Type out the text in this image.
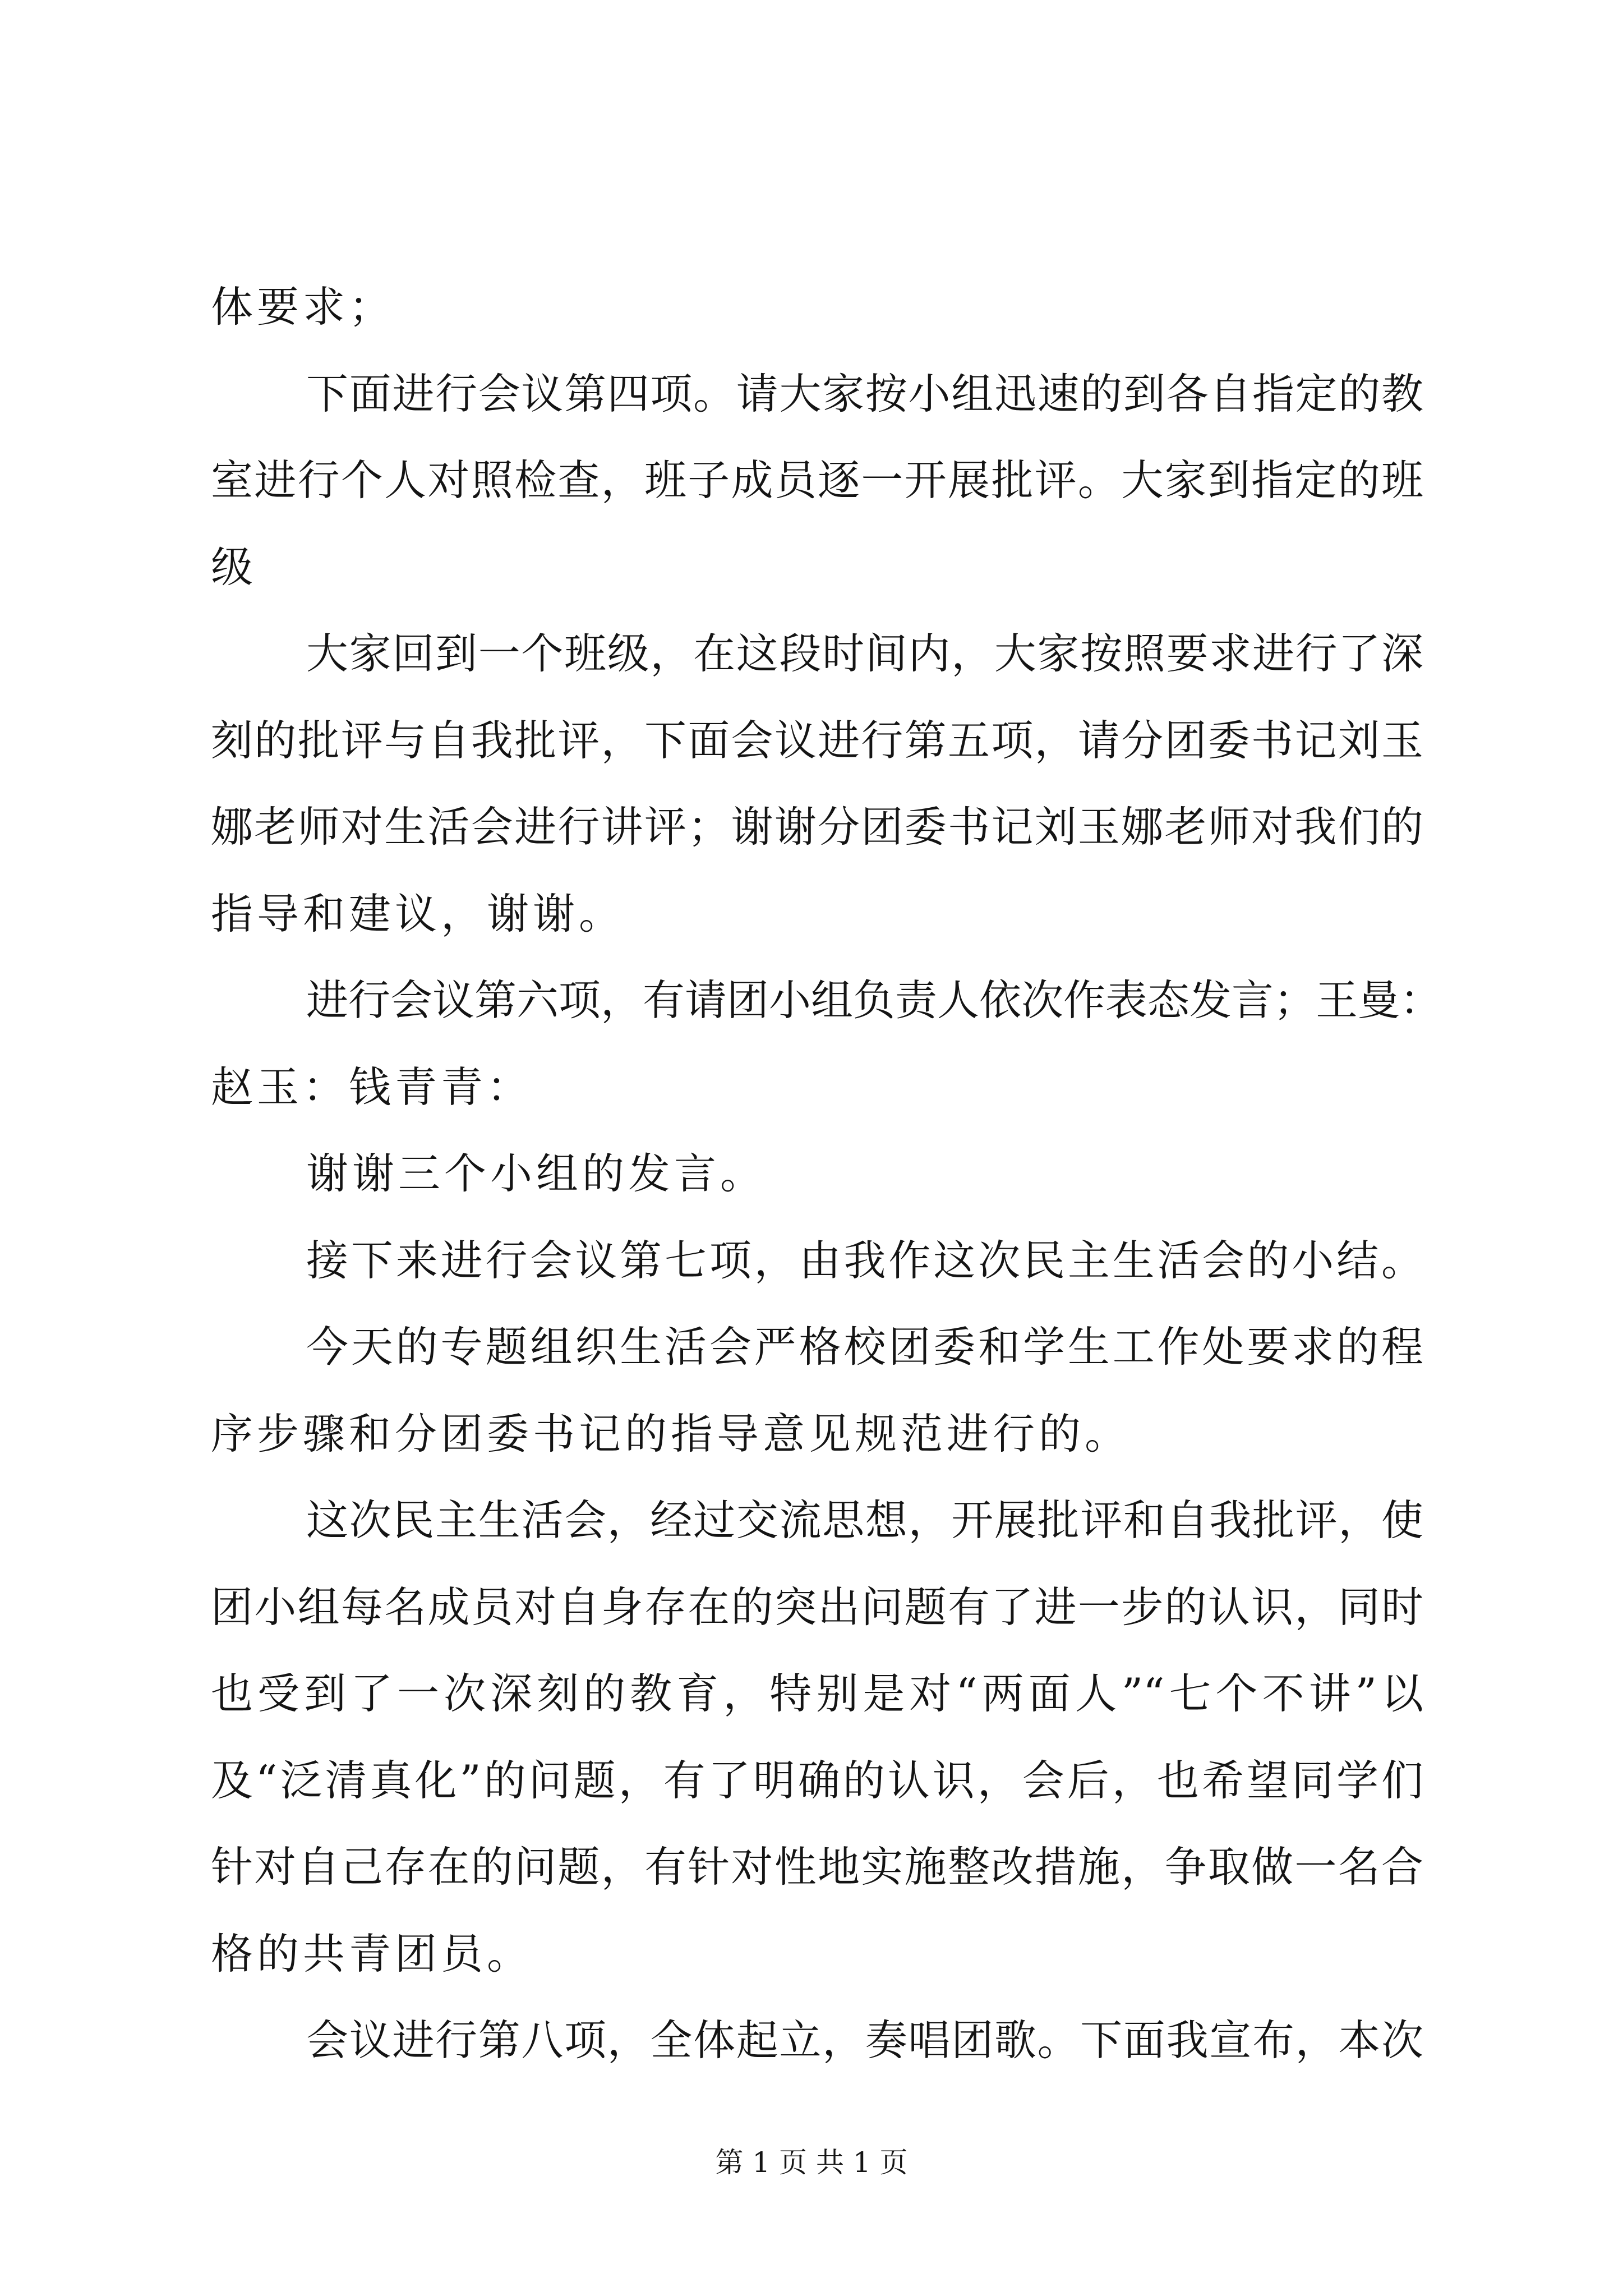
体要求；
下面进行会议第四项。请大家按小组迅速的到各自指定的教
室进行个人对照检查，班子成员逐一开展批评。大家到指定的班
级
大家回到一个班级，在这段时间内，大家按照要求进行了深
刻的批评与自我批评，下面会议进行第五项，请分团委书记刘玉
娜老师对生活会进行讲评；谢谢分团委书记刘玉娜老师对我们的
指导和建议，谢谢。
进行会议第六项，有请团小组负责人依次作表态发言；王曼：
赵玉：钱青青：
谢谢三个小组的发言。
接下来进行会议第七项，由我作这次民主生活会的小结。
今天的专题组织生活会严格校团委和学生工作处要求的程
序步骤和分团委书记的指导意见规范进行的。
这次民主生活会，经过交流思想，开展批评和自我批评，使
团小组每名成员对自身存在的突出问题有了进一步的认识，同时
也受到了一次深刻的教育，特别是对“两面人”“七个不讲”以
及“泛清真化”的问题，有了明确的认识，会后，也希望同学们
针对自己存在的问题，有针对性地实施整改措施，争取做一名合
格的共青团员。
会议进行第八项，全体起立，奏唱团歌。下面我宣布，本次
第 1 页 共 1 页
